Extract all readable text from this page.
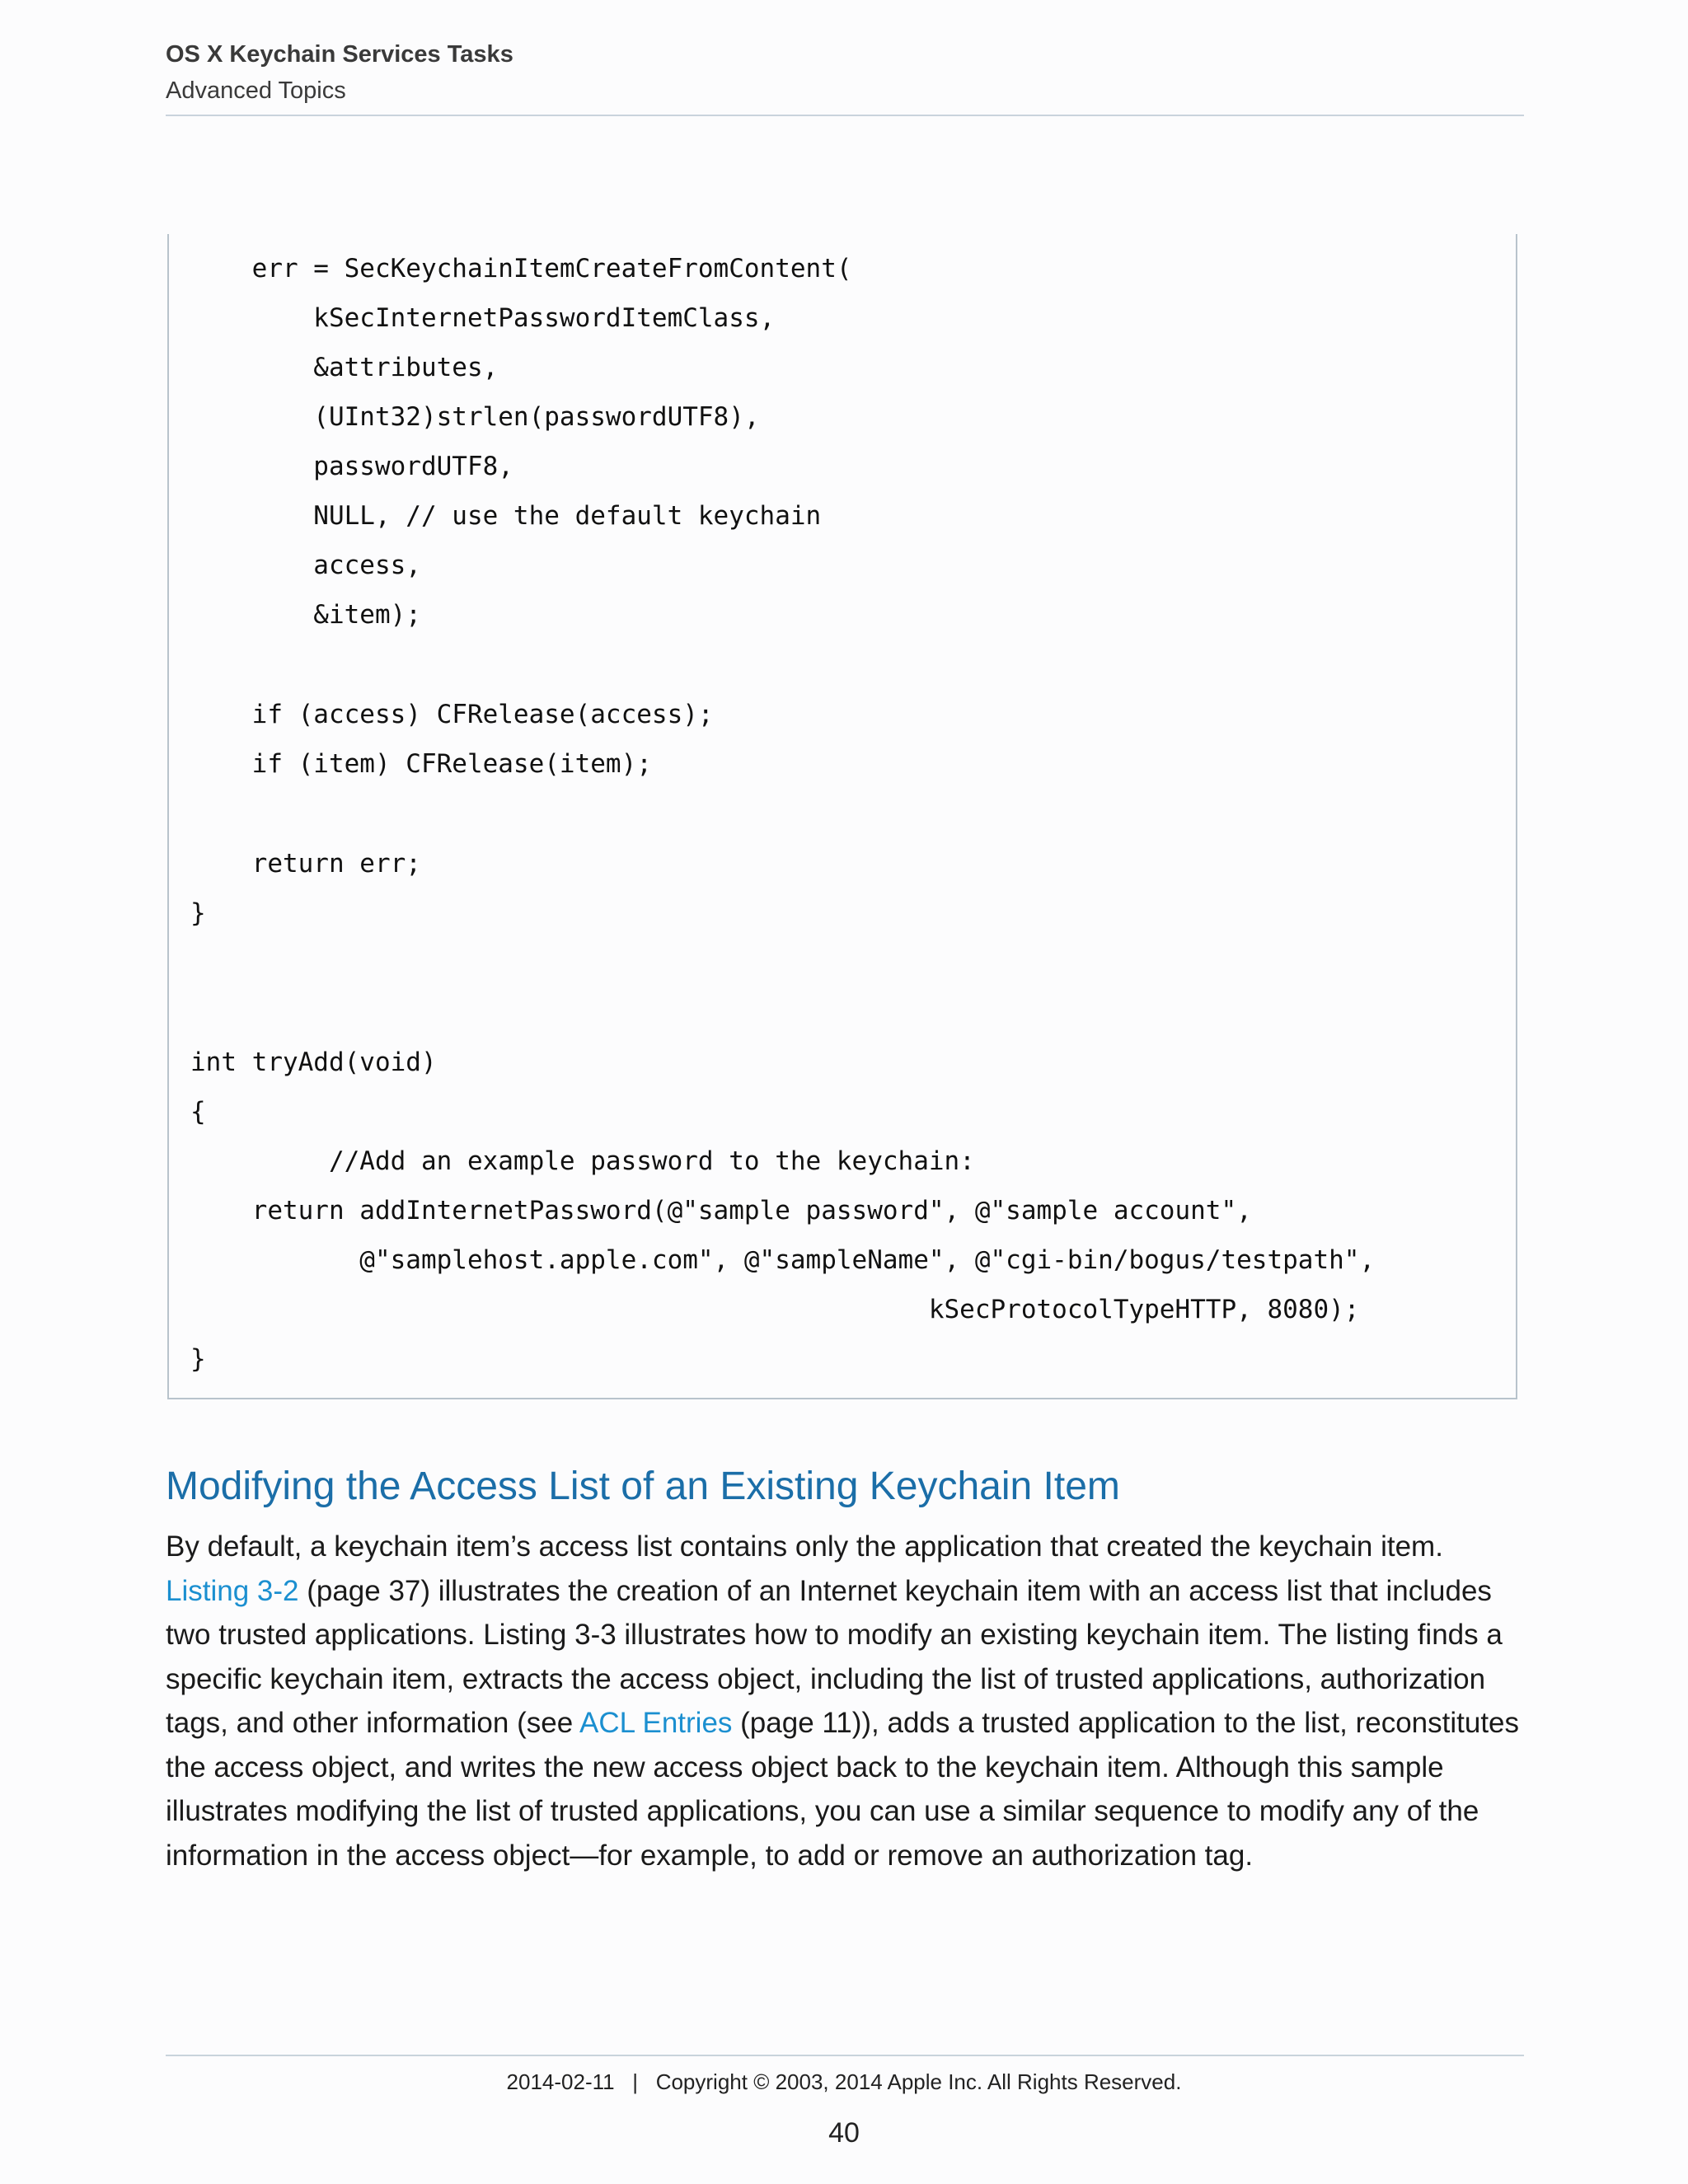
OS X Keychain Services Tasks
Advanced Topics
err = SecKeychainItemCreateFromContent(
kSecInternetPasswordItemClass,
&attributes,
(UInt32)strlen(passwordUTF8),
passwordUTF8,
NULL, // use the default keychain
access,
&item);
if (access) CFRelease(access);
if (item) CFRelease(item);
return err;
}
int tryAdd(void)
{
//Add an example password to the keychain:
return addInternetPassword(@"sample password", @"sample account",
@"samplehost.apple.com", @"sampleName", @"cgi-bin/bogus/testpath",
kSecProtocolTypeHTTP, 8080);
}
Modifying the Access List of an Existing Keychain Item
By default, a keychain item’s access list contains only the application that created the keychain item. Listing 3-2 (page 37) illustrates the creation of an Internet keychain item with an access list that includes two trusted applications. Listing 3-3 illustrates how to modify an existing keychain item. The listing finds a specific keychain item, extracts the access object, including the list of trusted applications, authorization tags, and other information (see ACL Entries (page 11)), adds a trusted application to the list, reconstitutes the access object, and writes the new access object back to the keychain item. Although this sample illustrates modifying the list of trusted applications, you can use a similar sequence to modify any of the information in the access object—for example, to add or remove an authorization tag.
2014-02-11   |   Copyright © 2003, 2014 Apple Inc. All Rights Reserved.
40
